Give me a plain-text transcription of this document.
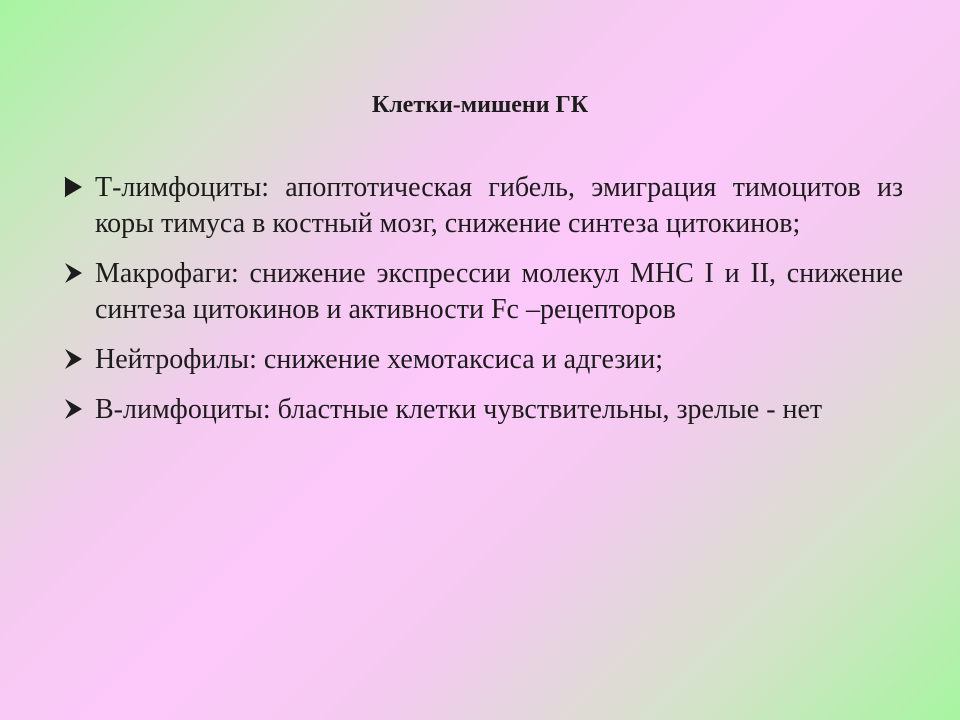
Клетки-мишени ГК
Т-лимфоциты: апоптотическая гибель, эмиграция тимоцитов из коры тимуса в костный мозг, снижение синтеза цитокинов;
Макрофаги: снижение экспрессии молекул MHC I и II, снижение синтеза цитокинов и активности Fc –рецепторов
Нейтрофилы: снижение хемотаксиса и адгезии;
В-лимфоциты: бластные клетки чувствительны, зрелые - нет
